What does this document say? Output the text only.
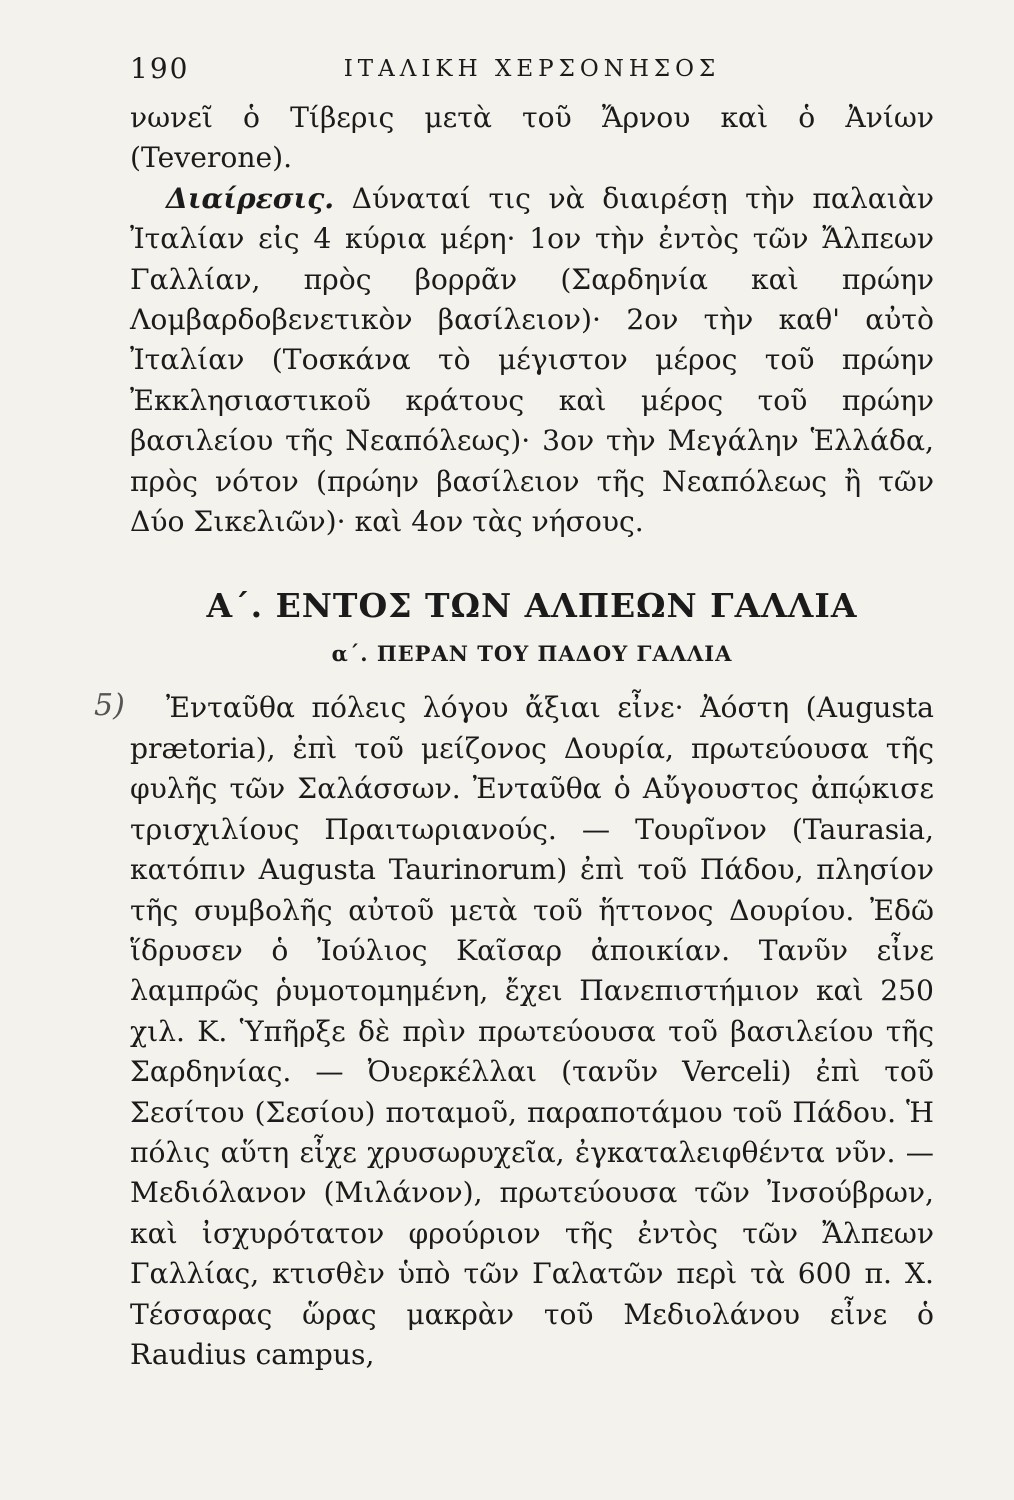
190	ΙΤΑΛΙΚΗ ΧΕΡΣΟΝΗΣΟΣ

νωνεῖ ὁ Τίβερις μετὰ τοῦ Ἄρνου καὶ ὁ Ἀνίων (Teverone).

Διαίρεσις. Δύναταί τις νὰ διαιρέσῃ τὴν παλαιὰν Ἰταλίαν εἰς 4 κύρια μέρη· 1ον τὴν ἐντὸς τῶν Ἄλπεων Γαλλίαν, πρὸς βορρᾶν (Σαρδηνία καὶ πρώην Λομβαρδοβενετικὸν βασίλειον)· 2ον τὴν καθ' αὐτὸ Ἰταλίαν (Τοσκάνα τὸ μέγιστον μέρος τοῦ πρώην Ἐκκλησιαστικοῦ κράτους καὶ μέρος τοῦ πρώην βασιλείου τῆς Νεαπόλεως)· 3ον τὴν Μεγάλην Ἑλλάδα, πρὸς νότον (πρώην βασίλειον τῆς Νεαπόλεως ἢ τῶν Δύο Σικελιῶν)· καὶ 4ον τὰς νήσους.

Α΄. ΕΝΤΟΣ ΤΩΝ ΑΛΠΕΩΝ ΓΑΛΛΙΑ
α΄. ΠΕΡΑΝ ΤΟΥ ΠΑΔΟΥ ΓΑΛΛΙΑ
5)	Ἐνταῦθα πόλεις λόγου ἄξιαι εἶνε· Ἀόστη (Augusta prætoria), ἐπὶ τοῦ μείζονος Δουρία, πρωτεύουσα τῆς φυλῆς τῶν Σαλάσσων. Ἐνταῦθα ὁ Αὔγουστος ἀπῴκισε τρισχιλίους Πραιτωριανούς. — Τουρῖνον (Taurasia, κατόπιν Augusta Taurinorum) ἐπὶ τοῦ Πάδου, πλησίον τῆς συμβολῆς αὐτοῦ μετὰ τοῦ ἥττονος Δουρίου. Ἐδῶ ἵδρυσεν ὁ Ἰούλιος Καῖσαρ ἀποικίαν. Τανῦν εἶνε λαμπρῶς ῥυμοτομημένη, ἔχει Πανεπιστήμιον καὶ 250 χιλ. Κ. Ὑπῆρξε δὲ πρὶν πρωτεύουσα τοῦ βασιλείου τῆς Σαρδηνίας. — Ὀυερκέλλαι (τανῦν Verceli) ἐπὶ τοῦ Σεσίτου (Σεσίου) ποταμοῦ, παραποτάμου τοῦ Πάδου. Ἡ πόλις αὕτη εἶχε χρυσωρυχεῖα, ἐγκαταλειφθέντα νῦν. — Μεδιόλανον (Μιλάνον), πρωτεύουσα τῶν Ἰνσούβρων, καὶ ἰσχυρότατον φρούριον τῆς ἐντὸς τῶν Ἄλπεων Γαλλίας, κτισθὲν ὑπὸ τῶν Γαλατῶν περὶ τὰ 600 π. Χ. Τέσσαρας ὥρας μακρὰν τοῦ Μεδιολάνου εἶνε ὁ Raudius campus,
